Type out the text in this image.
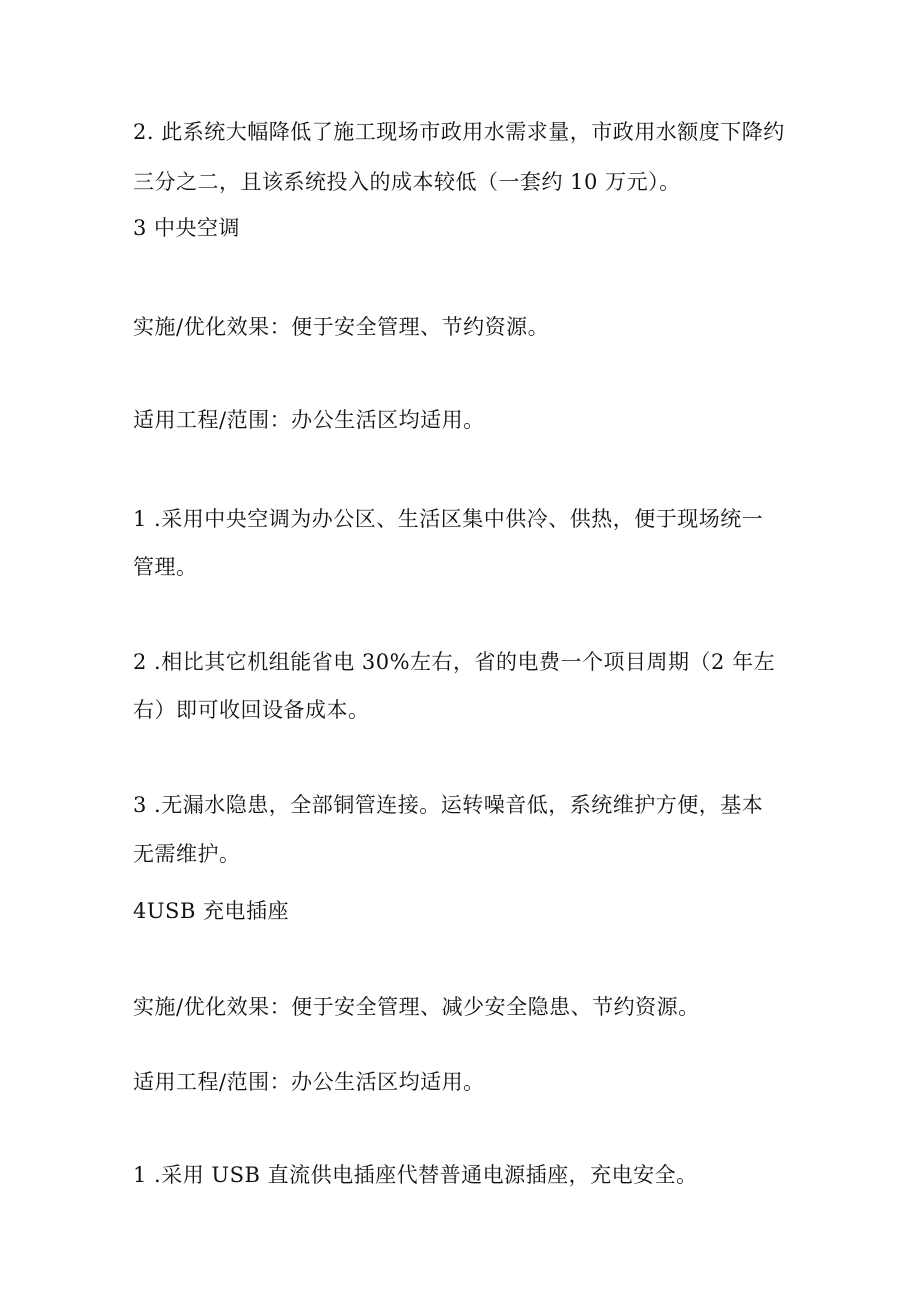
2. 此系统大幅降低了施工现场市政用水需求量，市政用水额度下降约
三分之二，且该系统投入的成本较低（一套约 10 万元）。
3 中央空调
实施/优化效果：便于安全管理、节约资源。
适用工程/范围：办公生活区均适用。
1 .采用中央空调为办公区、生活区集中供冷、供热，便于现场统一
管理。
2 .相比其它机组能省电 30%左右，省的电费一个项目周期（2 年左
右）即可收回设备成本。
3 .无漏水隐患，全部铜管连接。运转噪音低，系统维护方便，基本
无需维护。
4USB 充电插座
实施/优化效果：便于安全管理、减少安全隐患、节约资源。
适用工程/范围：办公生活区均适用。
1 .采用 USB 直流供电插座代替普通电源插座，充电安全。
